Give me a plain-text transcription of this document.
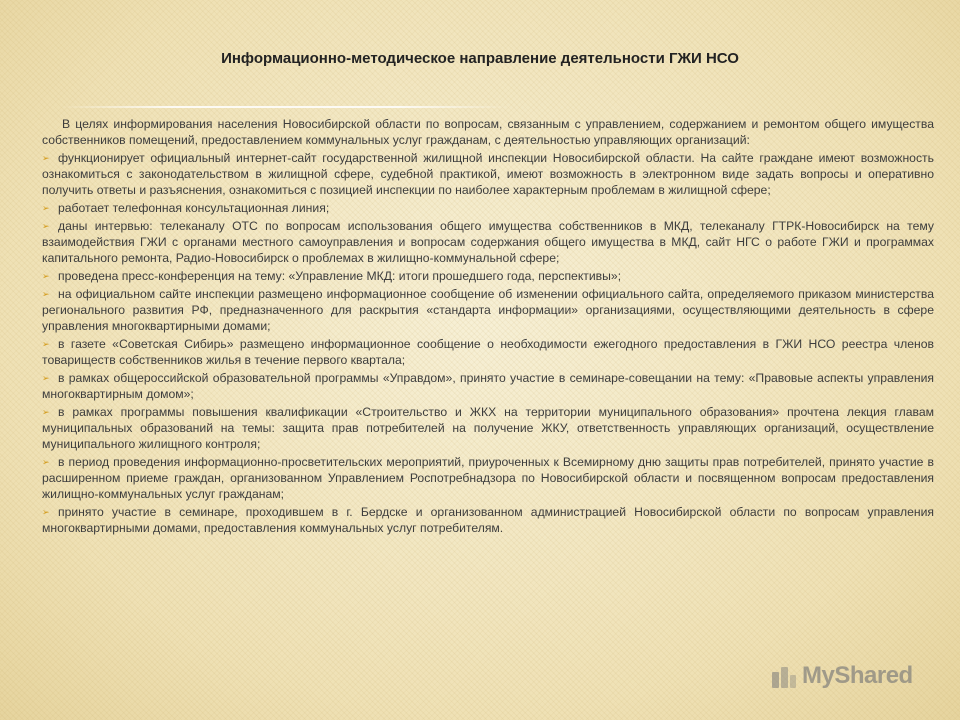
Информационно-методическое направление деятельности ГЖИ НСО

В целях информирования населения Новосибирской области по вопросам, связанным с управлением, содержанием и ремонтом общего имущества собственников помещений, предоставлением коммунальных услуг гражданам, с деятельностью управляющих организаций:

➢ функционирует официальный интернет-сайт государственной жилищной инспекции Новосибирской области. На сайте граждане имеют возможность ознакомиться с законодательством в жилищной сфере, судебной практикой, имеют возможность в электронном виде задать вопросы и оперативно получить ответы и разъяснения, ознакомиться с позицией инспекции по наиболее характерным проблемам в жилищной сфере;

➢ работает телефонная консультационная линия;

➢ даны интервью: телеканалу ОТС по вопросам использования общего имущества собственников в МКД, телеканалу ГТРК-Новосибирск на тему взаимодействия ГЖИ с органами местного самоуправления и вопросам содержания общего имущества в МКД, сайт НГС о работе ГЖИ и программах капитального ремонта, Радио-Новосибирск о проблемах в жилищно-коммунальной сфере;

➢ проведена пресс-конференция на тему: «Управление МКД: итоги прошедшего года, перспективы»;

➢ на официальном сайте инспекции размещено информационное сообщение об изменении официального сайта, определяемого приказом министерства регионального развития РФ, предназначенного для раскрытия «стандарта информации» организациями, осуществляющими деятельность в сфере управления многоквартирными домами;

➢ в газете «Советская Сибирь» размещено информационное сообщение о необходимости ежегодного предоставления в ГЖИ НСО реестра членов товариществ собственников жилья в течение первого квартала;

➢ в рамках общероссийской образовательной программы «Управдом», принято участие в семинаре-совещании на тему: «Правовые аспекты управления многоквартирным домом»;

➢ в рамках программы повышения квалификации «Строительство и ЖКХ на территории муниципального образования» прочтена лекция главам муниципальных образований на темы: защита прав потребителей на получение ЖКУ, ответственность управляющих организаций, осуществление муниципального жилищного контроля;

➢ в период проведения информационно-просветительских мероприятий, приуроченных к Всемирному дню защиты прав потребителей, принято участие в расширенном приеме граждан, организованном Управлением Роспотребнадзора по Новосибирской области и посвященном вопросам предоставления жилищно-коммунальных услуг гражданам;

➢ принято участие в семинаре, проходившем в г. Бердске и организованном администрацией Новосибирской области по вопросам управления многоквартирными домами, предоставления коммунальных услуг потребителям.

MyShared
